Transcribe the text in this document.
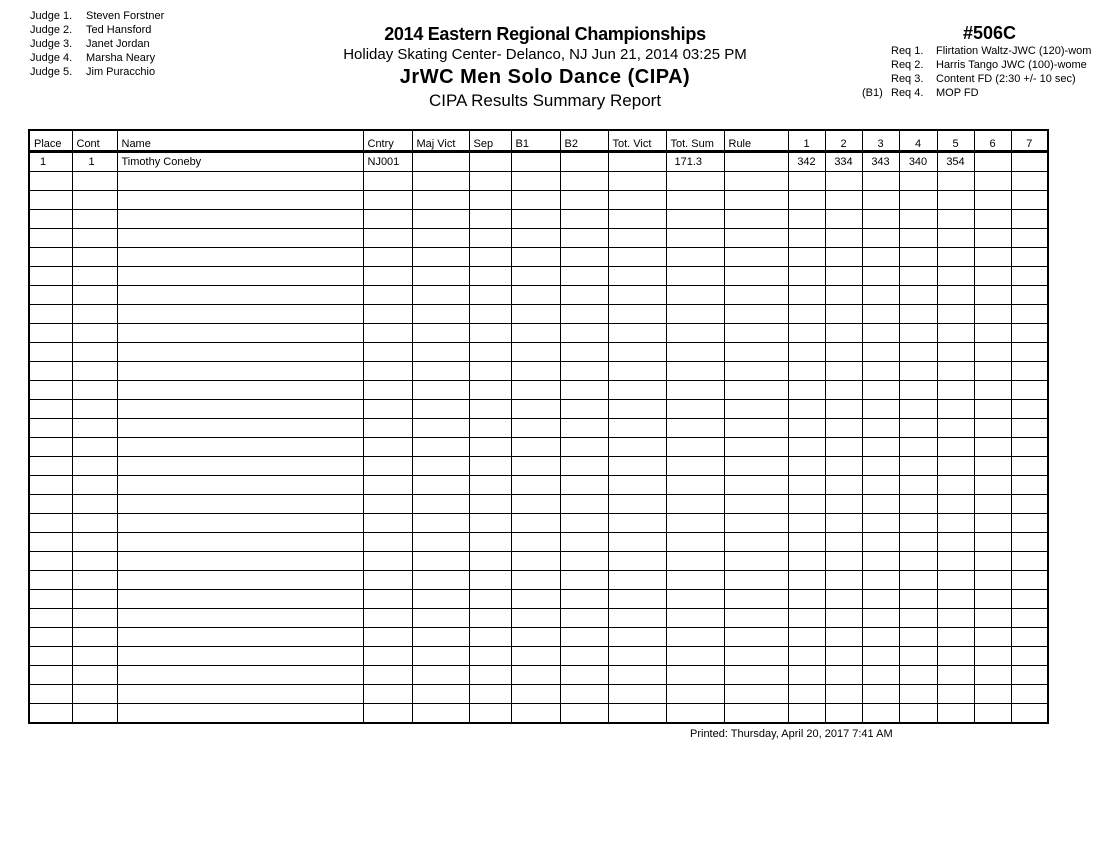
Judge 1. Steven Forstner
Judge 2. Ted Hansford
Judge 3. Janet Jordan
Judge 4. Marsha Neary
Judge 5. Jim Puracchio
2014 Eastern Regional Championships
Holiday Skating Center- Delanco, NJ Jun 21, 2014 03:25 PM
JrWC Men Solo Dance (CIPA)
CIPA Results Summary Report
#506C
Req 1. Flirtation Waltz-JWC (120)-wom
Req 2. Harris Tango JWC (100)-wome
Req 3. Content FD (2:30 +/- 10 sec)
(B1) Req 4. MOP FD
Place	Cont	Name	Cntry	Maj Vict	Sep	B1	B2	Tot. Vict	Tot. Sum	Rule	1	2	3	4	5	6	7
1	1	Timothy Coneby	NJ001						171.3		342	334	343	340	354		

Printed: Thursday, April 20, 2017 7:41 AM
